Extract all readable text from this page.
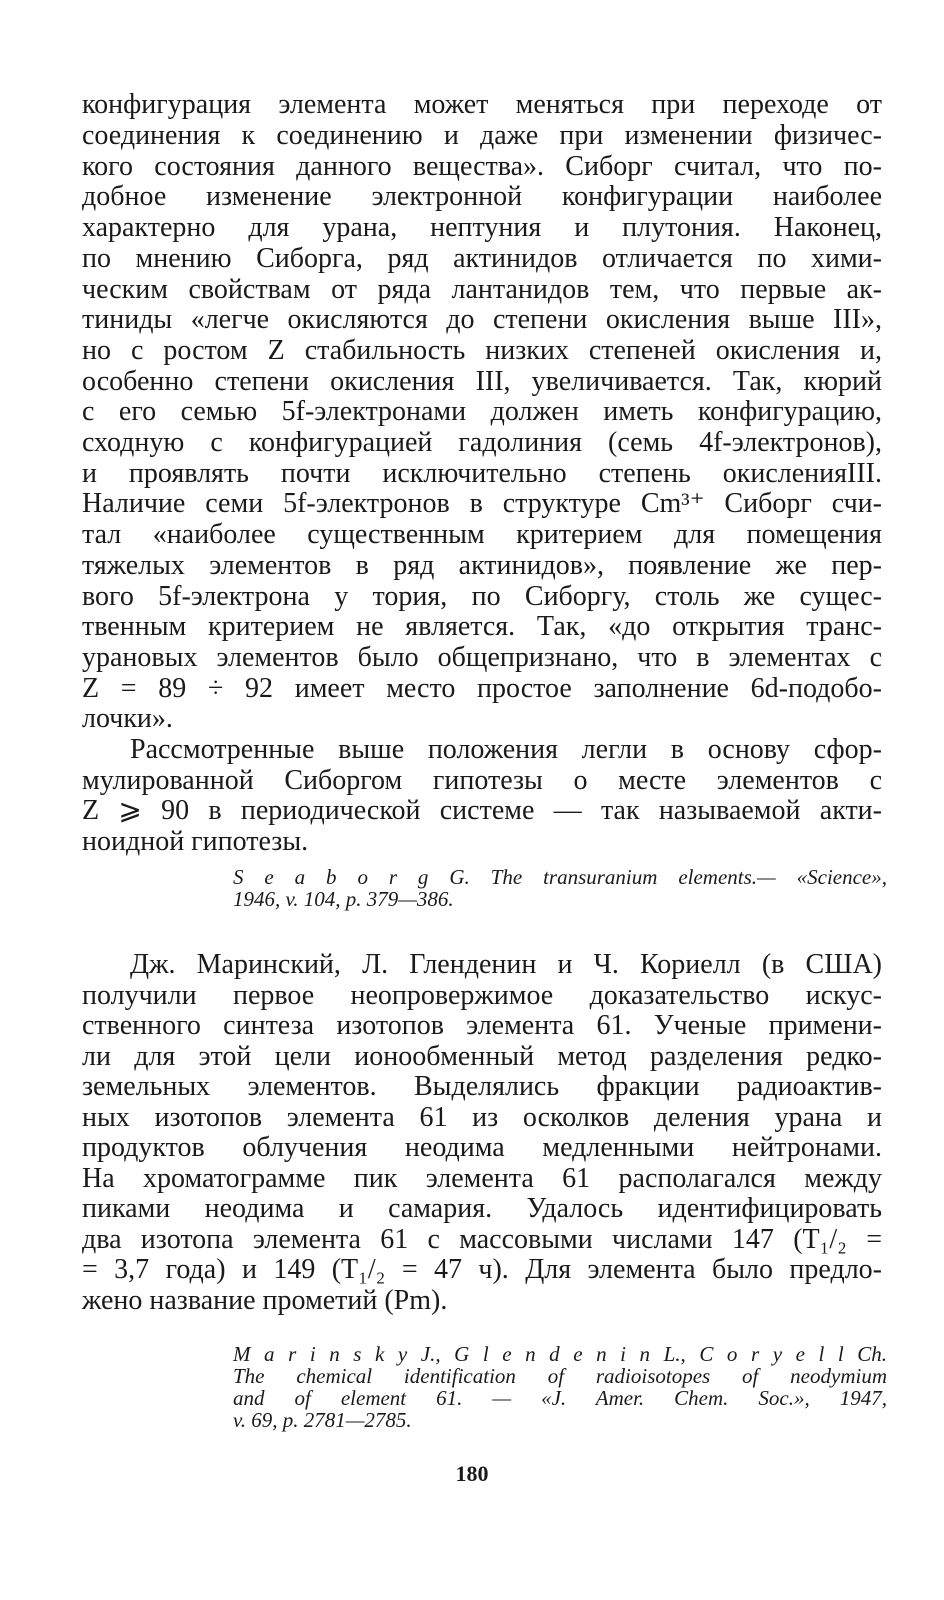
конфигурация элемента может меняться при переходе от
соединения к соединению и даже при изменении физичес-
кого состояния данного вещества». Сиборг считал, что по-
добное изменение электронной конфигурации наиболее
характерно для урана, нептуния и плутония. Наконец,
по мнению Сиборга, ряд актинидов отличается по хими-
ческим свойствам от ряда лантанидов тем, что первые ак-
тиниды «легче окисляются до степени окисления выше III»,
но с ростом Z стабильность низких степеней окисления и,
особенно степени окисления III, увеличивается. Так, кюрий
с его семью 5f-электронами должен иметь конфигурацию,
сходную с конфигурацией гадолиния (семь 4f-электронов),
и проявлять почти исключительно степень окисленияIII.
Наличие семи 5f-электронов в структуре Cm³⁺ Сиборг счи-
тал «наиболее существенным критерием для помещения
тяжелых элементов в ряд актинидов», появление же пер-
вого 5f-электрона у тория, по Сиборгу, столь же сущес-
твенным критерием не является. Так, «до открытия транс-
урановых элементов было общепризнано, что в элементах с
Z = 89 ÷ 92 имеет место простое заполнение 6d-подобо-
лочки».
Рассмотренные выше положения легли в основу сфор-
мулированной Сиборгом гипотезы о месте элементов с
Z ⩾ 90 в периодической системе — так называемой акти-
ноидной гипотезы.
S e a b o r g G. The transuranium elements.— «Science»,
1946, v. 104, p. 379—386.
Дж. Маринский, Л. Гленденин и Ч. Кориелл (в США)
получили первое неопровержимое доказательство искус-
ственного синтеза изотопов элемента 61. Ученые примени-
ли для этой цели ионообменный метод разделения редко-
земельных элементов. Выделялись фракции радиоактив-
ных изотопов элемента 61 из осколков деления урана и
продуктов облучения неодима медленными нейтронами.
На хроматограмме пик элемента 61 располагался между
пиками неодима и самария. Удалось идентифицировать
два изотопа элемента 61 с массовыми числами 147 (T₁/₂ =
= 3,7 года) и 149 (T₁/₂ = 47 ч). Для элемента было предло-
жено название прометий (Pm).
M a r i n s k y J., G l e n d e n i n L., C o r y e l l Ch.
The chemical identification of radioisotopes of neodymium
and of element 61. — «J. Amer. Chem. Soc.», 1947,
v. 69, p. 2781—2785.
180
